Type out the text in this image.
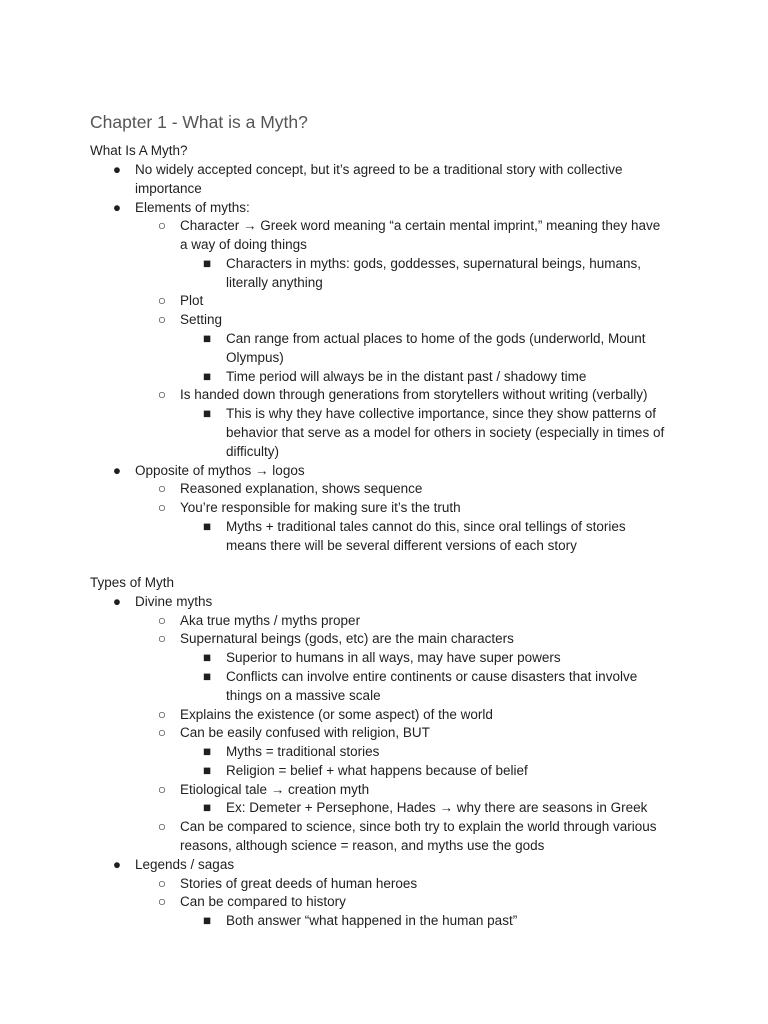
Chapter 1 - What is a Myth?
What Is A Myth?
●	No widely accepted concept, but it’s agreed to be a traditional story with collective
importance
●	Elements of myths:
○	Character → Greek word meaning “a certain mental imprint,” meaning they have
a way of doing things
■	Characters in myths: gods, goddesses, supernatural beings, humans,
literally anything
○	Plot
○	Setting
■	Can range from actual places to home of the gods (underworld, Mount
Olympus)
■	Time period will always be in the distant past / shadowy time
○	Is handed down through generations from storytellers without writing (verbally)
■	This is why they have collective importance, since they show patterns of
behavior that serve as a model for others in society (especially in times of
difficulty)
●	Opposite of mythos → logos
○	Reasoned explanation, shows sequence
○	You’re responsible for making sure it’s the truth
■	Myths + traditional tales cannot do this, since oral tellings of stories
means there will be several different versions of each story
Types of Myth
●	Divine myths
○	Aka true myths / myths proper
○	Supernatural beings (gods, etc) are the main characters
■	Superior to humans in all ways, may have super powers
■	Conflicts can involve entire continents or cause disasters that involve
things on a massive scale
○	Explains the existence (or some aspect) of the world
○	Can be easily confused with religion, BUT
■	Myths = traditional stories
■	Religion = belief + what happens because of belief
○	Etiological tale → creation myth
■	Ex: Demeter + Persephone, Hades → why there are seasons in Greek
○	Can be compared to science, since both try to explain the world through various
reasons, although science = reason, and myths use the gods
●	Legends / sagas
○	Stories of great deeds of human heroes
○	Can be compared to history
■	Both answer “what happened in the human past”
